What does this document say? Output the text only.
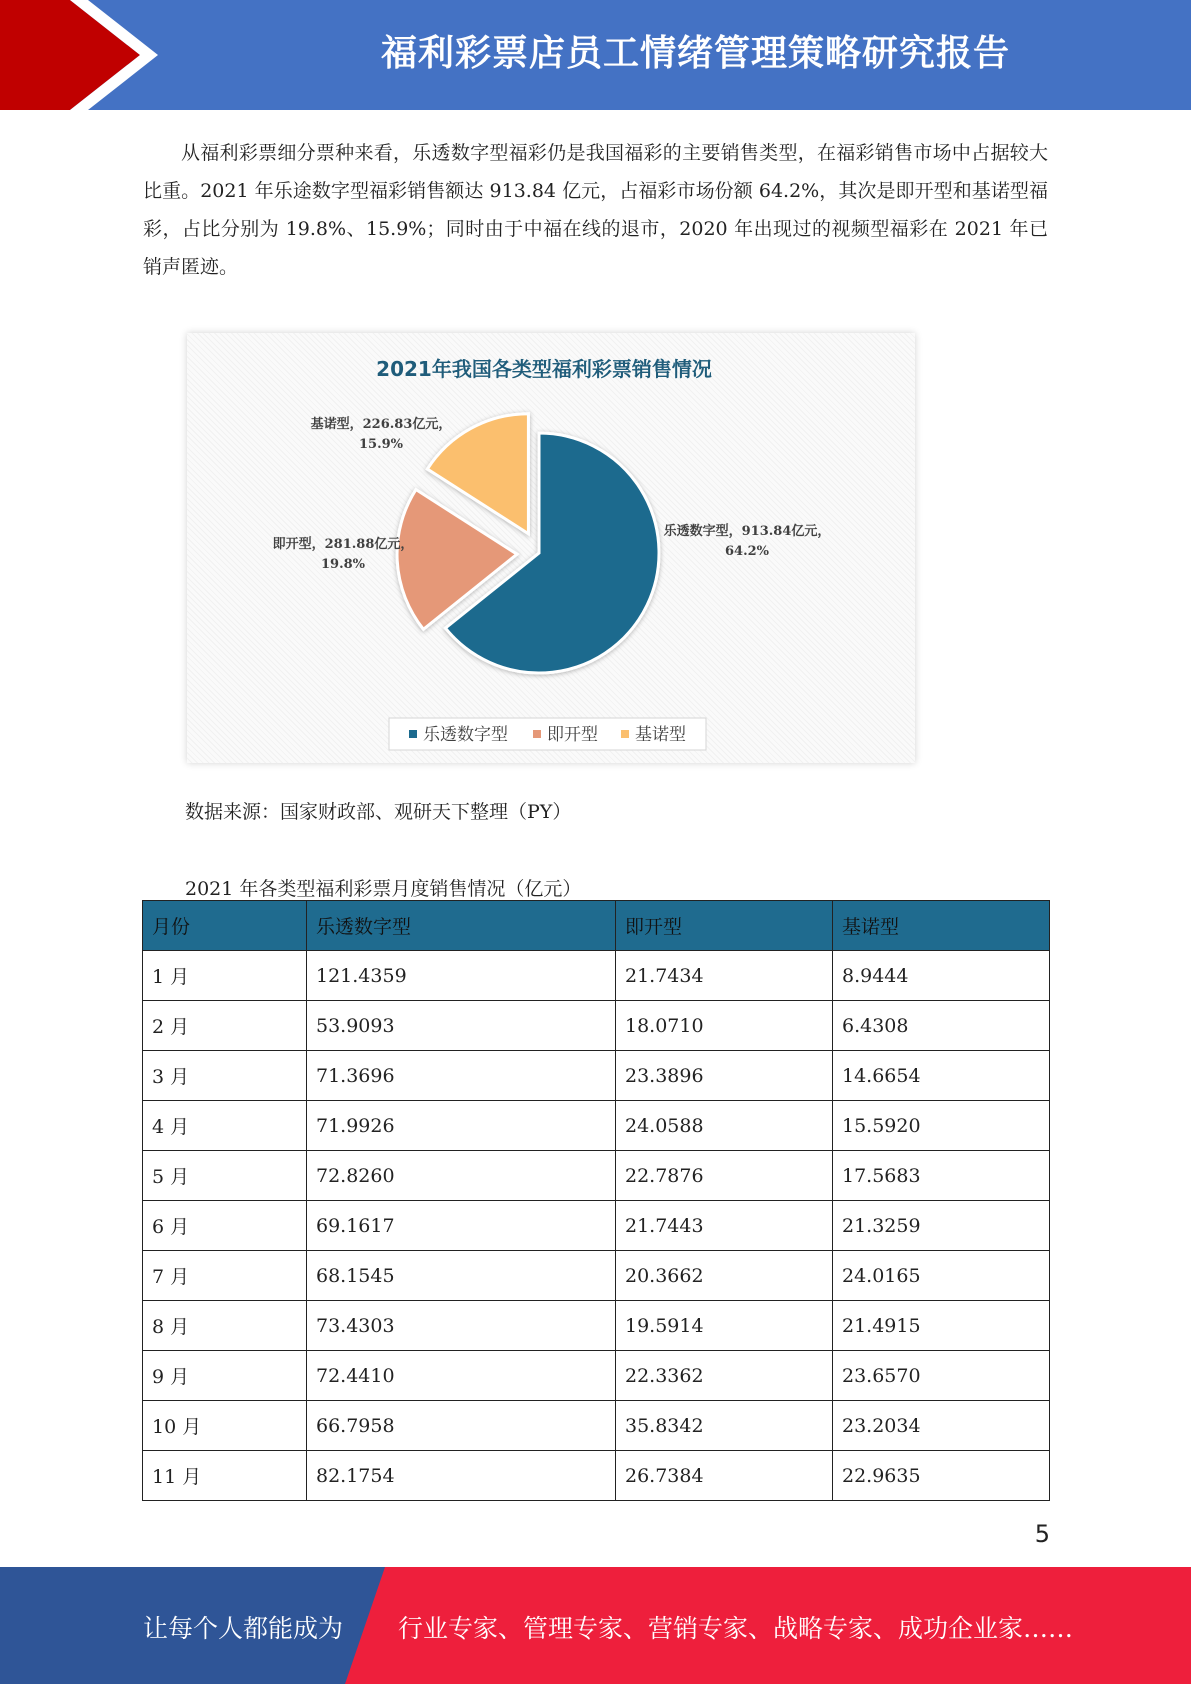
福利彩票店员工情绪管理策略研究报告

从福利彩票细分票种来看，乐透数字型福彩仍是我国福彩的主要销售类型，在福彩销售市场中占据较大比重。2021 年乐途数字型福彩销售额达 913.84 亿元，占福彩市场份额 64.2%，其次是即开型和基诺型福彩，占比分别为 19.8%、15.9%；同时由于中福在线的退市，2020 年出现过的视频型福彩在 2021 年已销声匿迹。

2021年我国各类型福利彩票销售情况
乐透数字型，913.84亿元，
64.2%
即开型，281.88亿元，
19.8%
基诺型，226.83亿元，
15.9%
乐透数字型 即开型 基诺型
数据来源：国家财政部、观研天下整理（PY）
2021 年各类型福利彩票月度销售情况（亿元）
月份	乐透数字型	即开型	基诺型
1 月	121.4359	21.7434	8.9444
2 月	53.9093	18.0710	6.4308
3 月	71.3696	23.3896	14.6654
4 月	71.9926	24.0588	15.5920
5 月	72.8260	22.7876	17.5683
6 月	69.1617	21.7443	21.3259
7 月	68.1545	20.3662	24.0165
8 月	73.4303	19.5914	21.4915
9 月	72.4410	22.3362	23.6570
10 月	66.7958	35.8342	23.2034
11 月	82.1754	26.7384	22.9635
5
让每个人都能成为 行业专家、管理专家、营销专家、战略专家、成功企业家……
